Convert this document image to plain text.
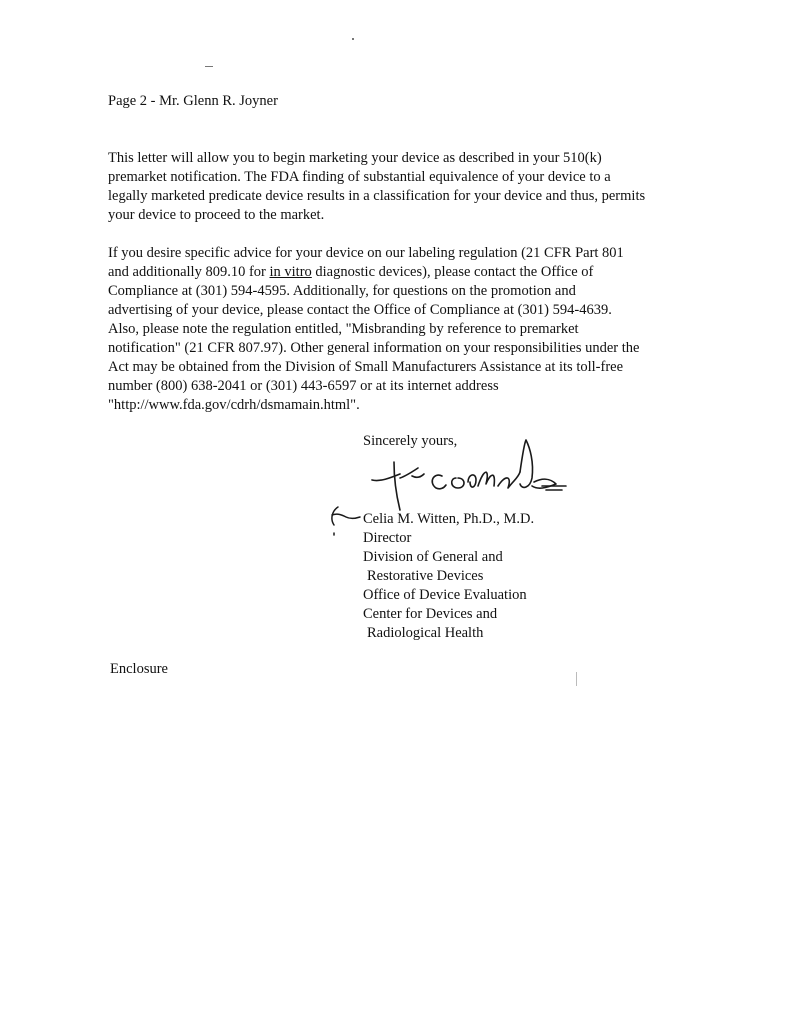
Page 2 - Mr. Glenn R. Joyner
This letter will allow you to begin marketing your device as described in your 510(k)
premarket notification. The FDA finding of substantial equivalence of your device to a
legally marketed predicate device results in a classification for your device and thus, permits
your device to proceed to the market.
If you desire specific advice for your device on our labeling regulation (21 CFR Part 801
and additionally 809.10 for in vitro diagnostic devices), please contact the Office of
Compliance at (301) 594-4595. Additionally, for questions on the promotion and
advertising of your device, please contact the Office of Compliance at (301) 594-4639.
Also, please note the regulation entitled, "Misbranding by reference to premarket
notification" (21 CFR 807.97). Other general information on your responsibilities under the
Act may be obtained from the Division of Small Manufacturers Assistance at its toll-free
number (800) 638-2041 or (301) 443-6597 or at its internet address
"http://www.fda.gov/cdrh/dsmamain.html".
Sincerely yours,
Celia M. Witten, Ph.D., M.D.
Director
Division of General and
Restorative Devices
Office of Device Evaluation
Center for Devices and
Radiological Health
Enclosure
